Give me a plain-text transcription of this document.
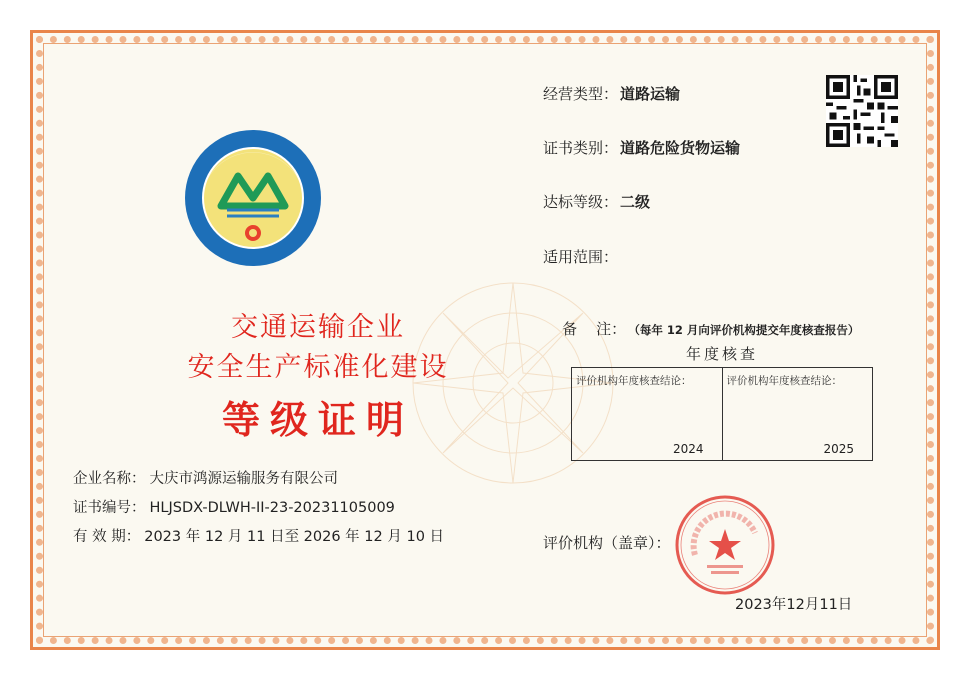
交通运输企业
安全生产标准化建设
等级证明
企业名称： 大庆市鸿源运输服务有限公司
证书编号： HLJSDX-DLWH-II-23-20231105009
有 效 期： 2023 年 12 月 11 日至 2026 年 12 月 10 日
经营类型： 道路运输
证书类别： 道路危险货物运输
达标等级： 二级
适用范围：

备    注： （每年 12 月向评价机构提交年度核查报告）

年度核查
评价机构年度核查结论：
2024
评价机构年度核查结论：
2025
评价机构（盖章）：
2023年12月11日
